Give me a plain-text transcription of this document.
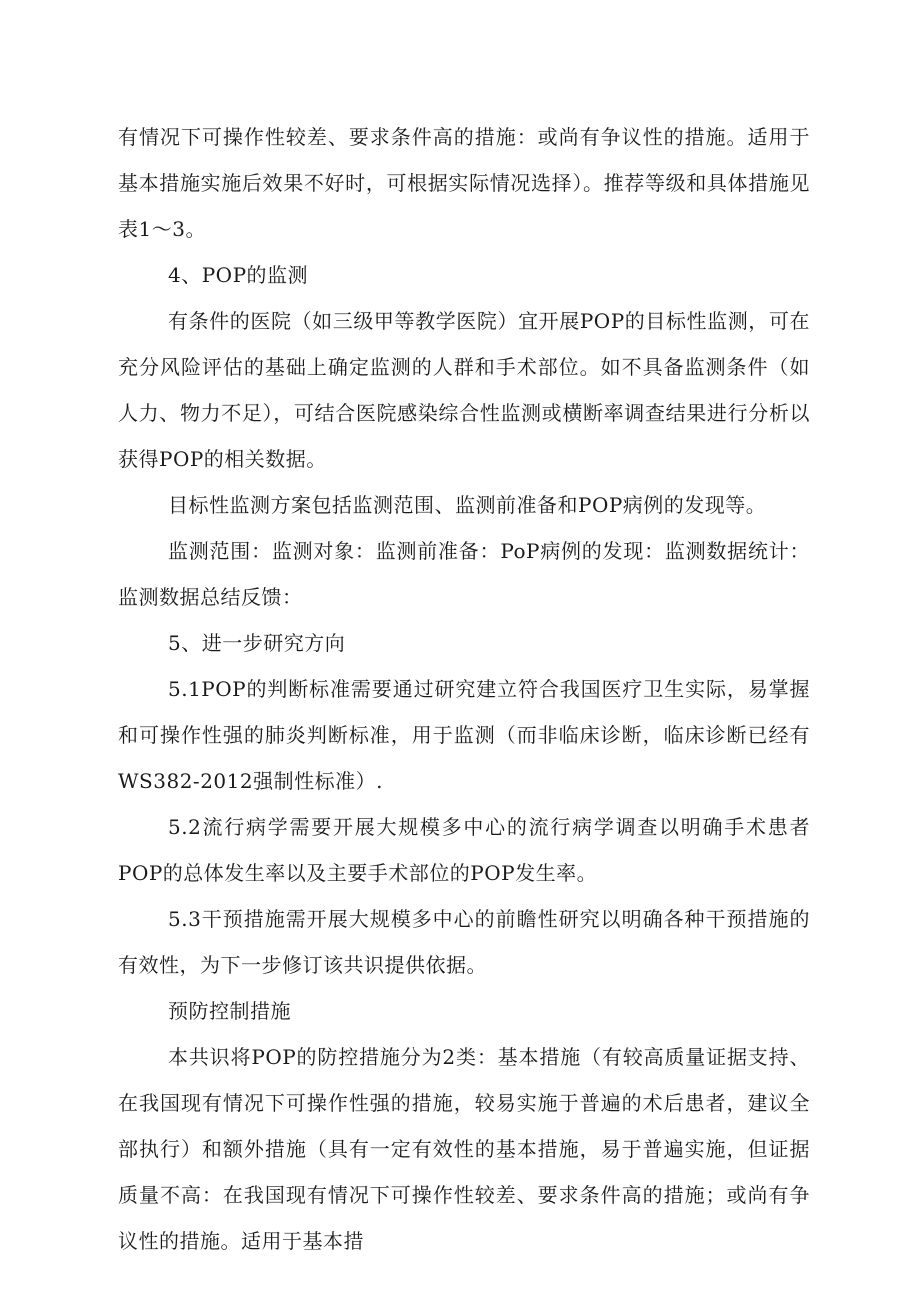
有情况下可操作性较差、要求条件高的措施：或尚有争议性的措施。适用于基本措施实施后效果不好时，可根据实际情况选择）。推荐等级和具体措施见表1～3。

4、POP的监测

有条件的医院（如三级甲等教学医院）宜开展POP的目标性监测，可在充分风险评估的基础上确定监测的人群和手术部位。如不具备监测条件（如人力、物力不足），可结合医院感染综合性监测或横断率调查结果进行分析以获得POP的相关数据。

目标性监测方案包括监测范围、监测前准备和POP病例的发现等。

监测范围：监测对象：监测前准备：PoP病例的发现：监测数据统计：监测数据总结反馈：

5、进一步研究方向

5.1POP的判断标准需要通过研究建立符合我国医疗卫生实际，易掌握和可操作性强的肺炎判断标准，用于监测（而非临床诊断，临床诊断已经有WS382-2012强制性标准）.

5.2流行病学需要开展大规模多中心的流行病学调查以明确手术患者POP的总体发生率以及主要手术部位的POP发生率。

5.3干预措施需开展大规模多中心的前瞻性研究以明确各种干预措施的有效性，为下一步修订该共识提供依据。

预防控制措施

本共识将POP的防控措施分为2类：基本措施（有较高质量证据支持、在我国现有情况下可操作性强的措施，较易实施于普遍的术后患者，建议全部执行）和额外措施（具有一定有效性的基本措施，易于普遍实施，但证据质量不高：在我国现有情况下可操作性较差、要求条件高的措施；或尚有争议性的措施。适用于基本措
